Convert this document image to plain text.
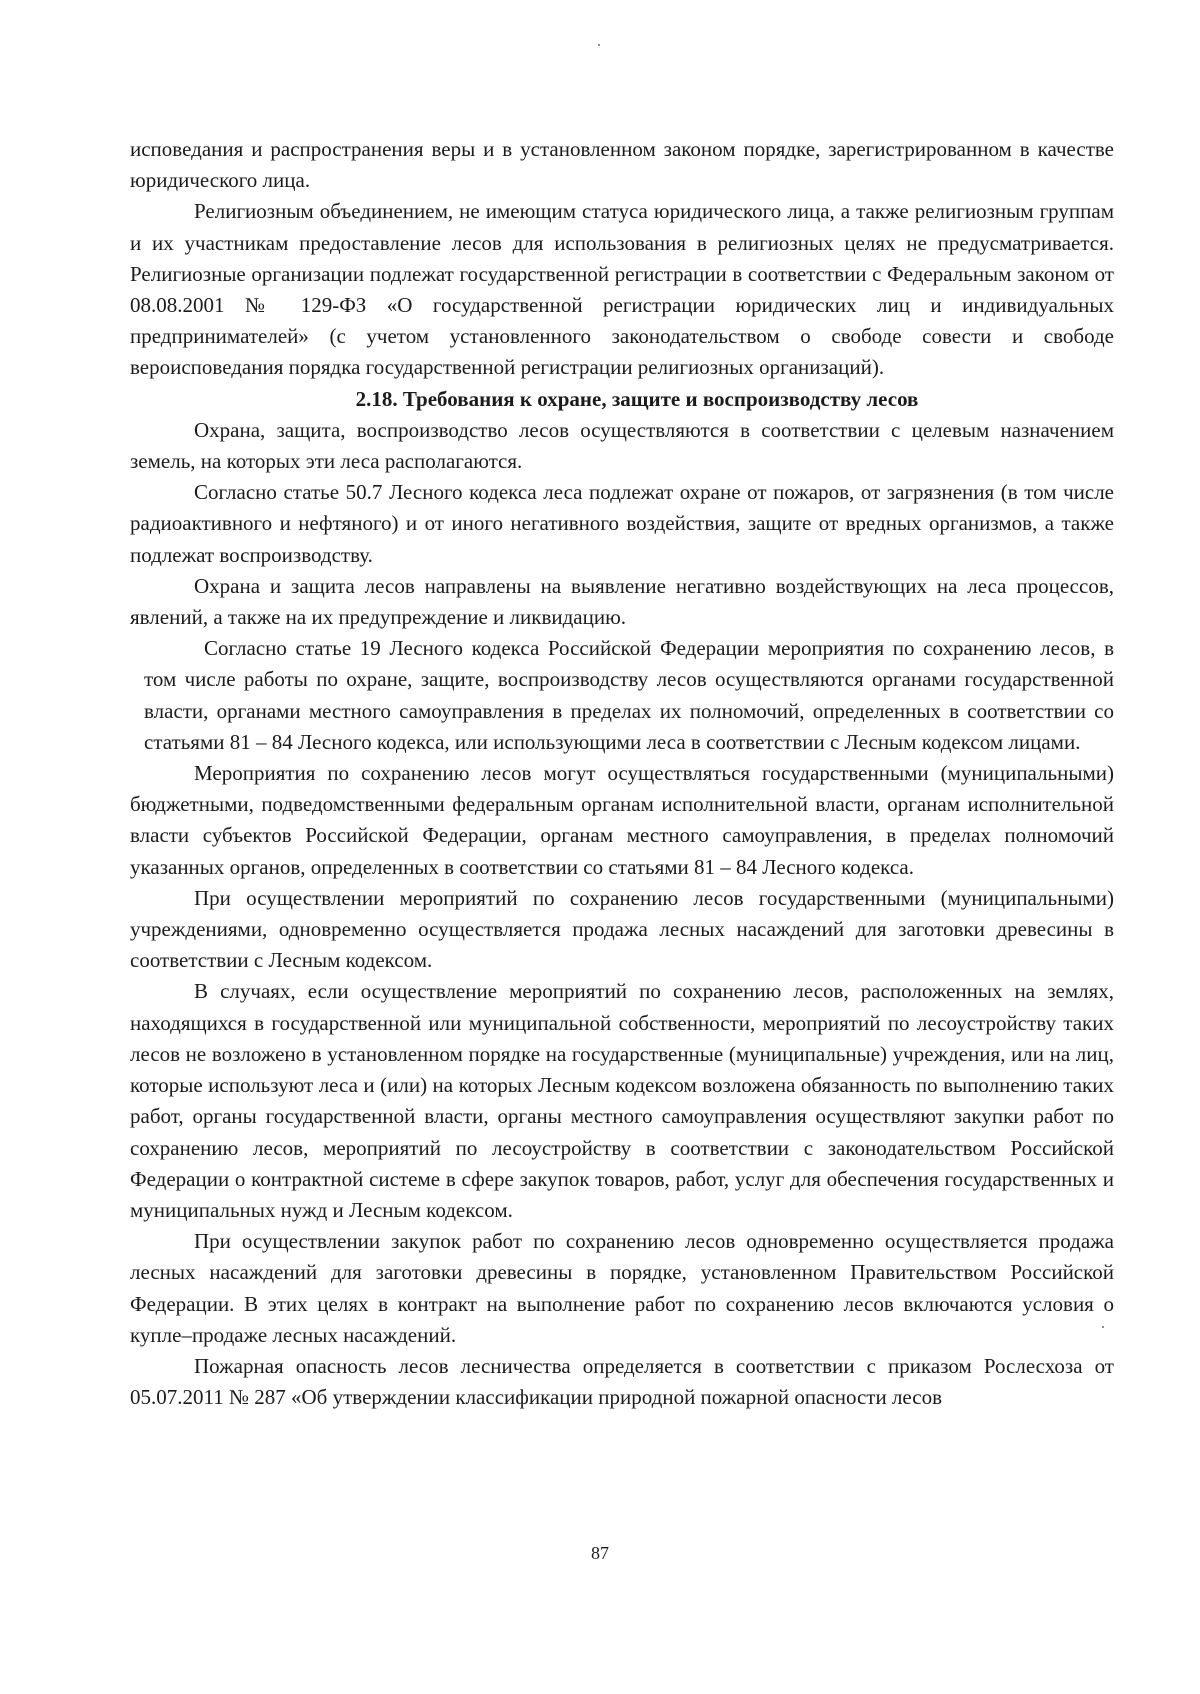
исповедания и распространения веры и в установленном законом порядке, зарегистрированном в качестве юридического лица.

Религиозным объединением, не имеющим статуса юридического лица, а также религиозным группам и их участникам предоставление лесов для использования в религиозных целях не предусматривается. Религиозные организации подлежат государственной регистрации в соответствии с Федеральным законом от 08.08.2001 № 129-ФЗ «О государственной регистрации юридических лиц и индивидуальных предпринимателей» (с учетом установленного законодательством о свободе совести и свободе вероисповедания порядка государственной регистрации религиозных организаций).

2.18. Требования к охране, защите и воспроизводству лесов

Охрана, защита, воспроизводство лесов осуществляются в соответствии с целевым назначением земель, на которых эти леса располагаются.

Согласно статье 50.7 Лесного кодекса леса подлежат охране от пожаров, от загрязнения (в том числе радиоактивного и нефтяного) и от иного негативного воздействия, защите от вредных организмов, а также подлежат воспроизводству.

Охрана и защита лесов направлены на выявление негативно воздействующих на леса процессов, явлений, а также на их предупреждение и ликвидацию.

Согласно статье 19 Лесного кодекса Российской Федерации мероприятия по сохранению лесов, в том числе работы по охране, защите, воспроизводству лесов осуществляются органами государственной власти, органами местного самоуправления в пределах их полномочий, определенных в соответствии со статьями 81 – 84 Лесного кодекса, или использующими леса в соответствии с Лесным кодексом лицами.

Мероприятия по сохранению лесов могут осуществляться государственными (муниципальными) бюджетными, подведомственными федеральным органам исполнительной власти, органам исполнительной власти субъектов Российской Федерации, органам местного самоуправления, в пределах полномочий указанных органов, определенных в соответствии со статьями 81 – 84 Лесного кодекса.

При осуществлении мероприятий по сохранению лесов государственными (муниципальными) учреждениями, одновременно осуществляется продажа лесных насаждений для заготовки древесины в соответствии с Лесным кодексом.

В случаях, если осуществление мероприятий по сохранению лесов, расположенных на землях, находящихся в государственной или муниципальной собственности, мероприятий по лесоустройству таких лесов не возложено в установленном порядке на государственные (муниципальные) учреждения, или на лиц, которые используют леса и (или) на которых Лесным кодексом возложена обязанность по выполнению таких работ, органы государственной власти, органы местного самоуправления осуществляют закупки работ по сохранению лесов, мероприятий по лесоустройству в соответствии с законодательством Российской Федерации о контрактной системе в сфере закупок товаров, работ, услуг для обеспечения государственных и муниципальных нужд и Лесным кодексом.

При осуществлении закупок работ по сохранению лесов одновременно осуществляется продажа лесных насаждений для заготовки древесины в порядке, установленном Правительством Российской Федерации. В этих целях в контракт на выполнение работ по сохранению лесов включаются условия о купле–продаже лесных насаждений.

Пожарная опасность лесов лесничества определяется в соответствии с приказом Рослесхоза от 05.07.2011 № 287 «Об утверждении классификации природной пожарной опасности лесов

87
